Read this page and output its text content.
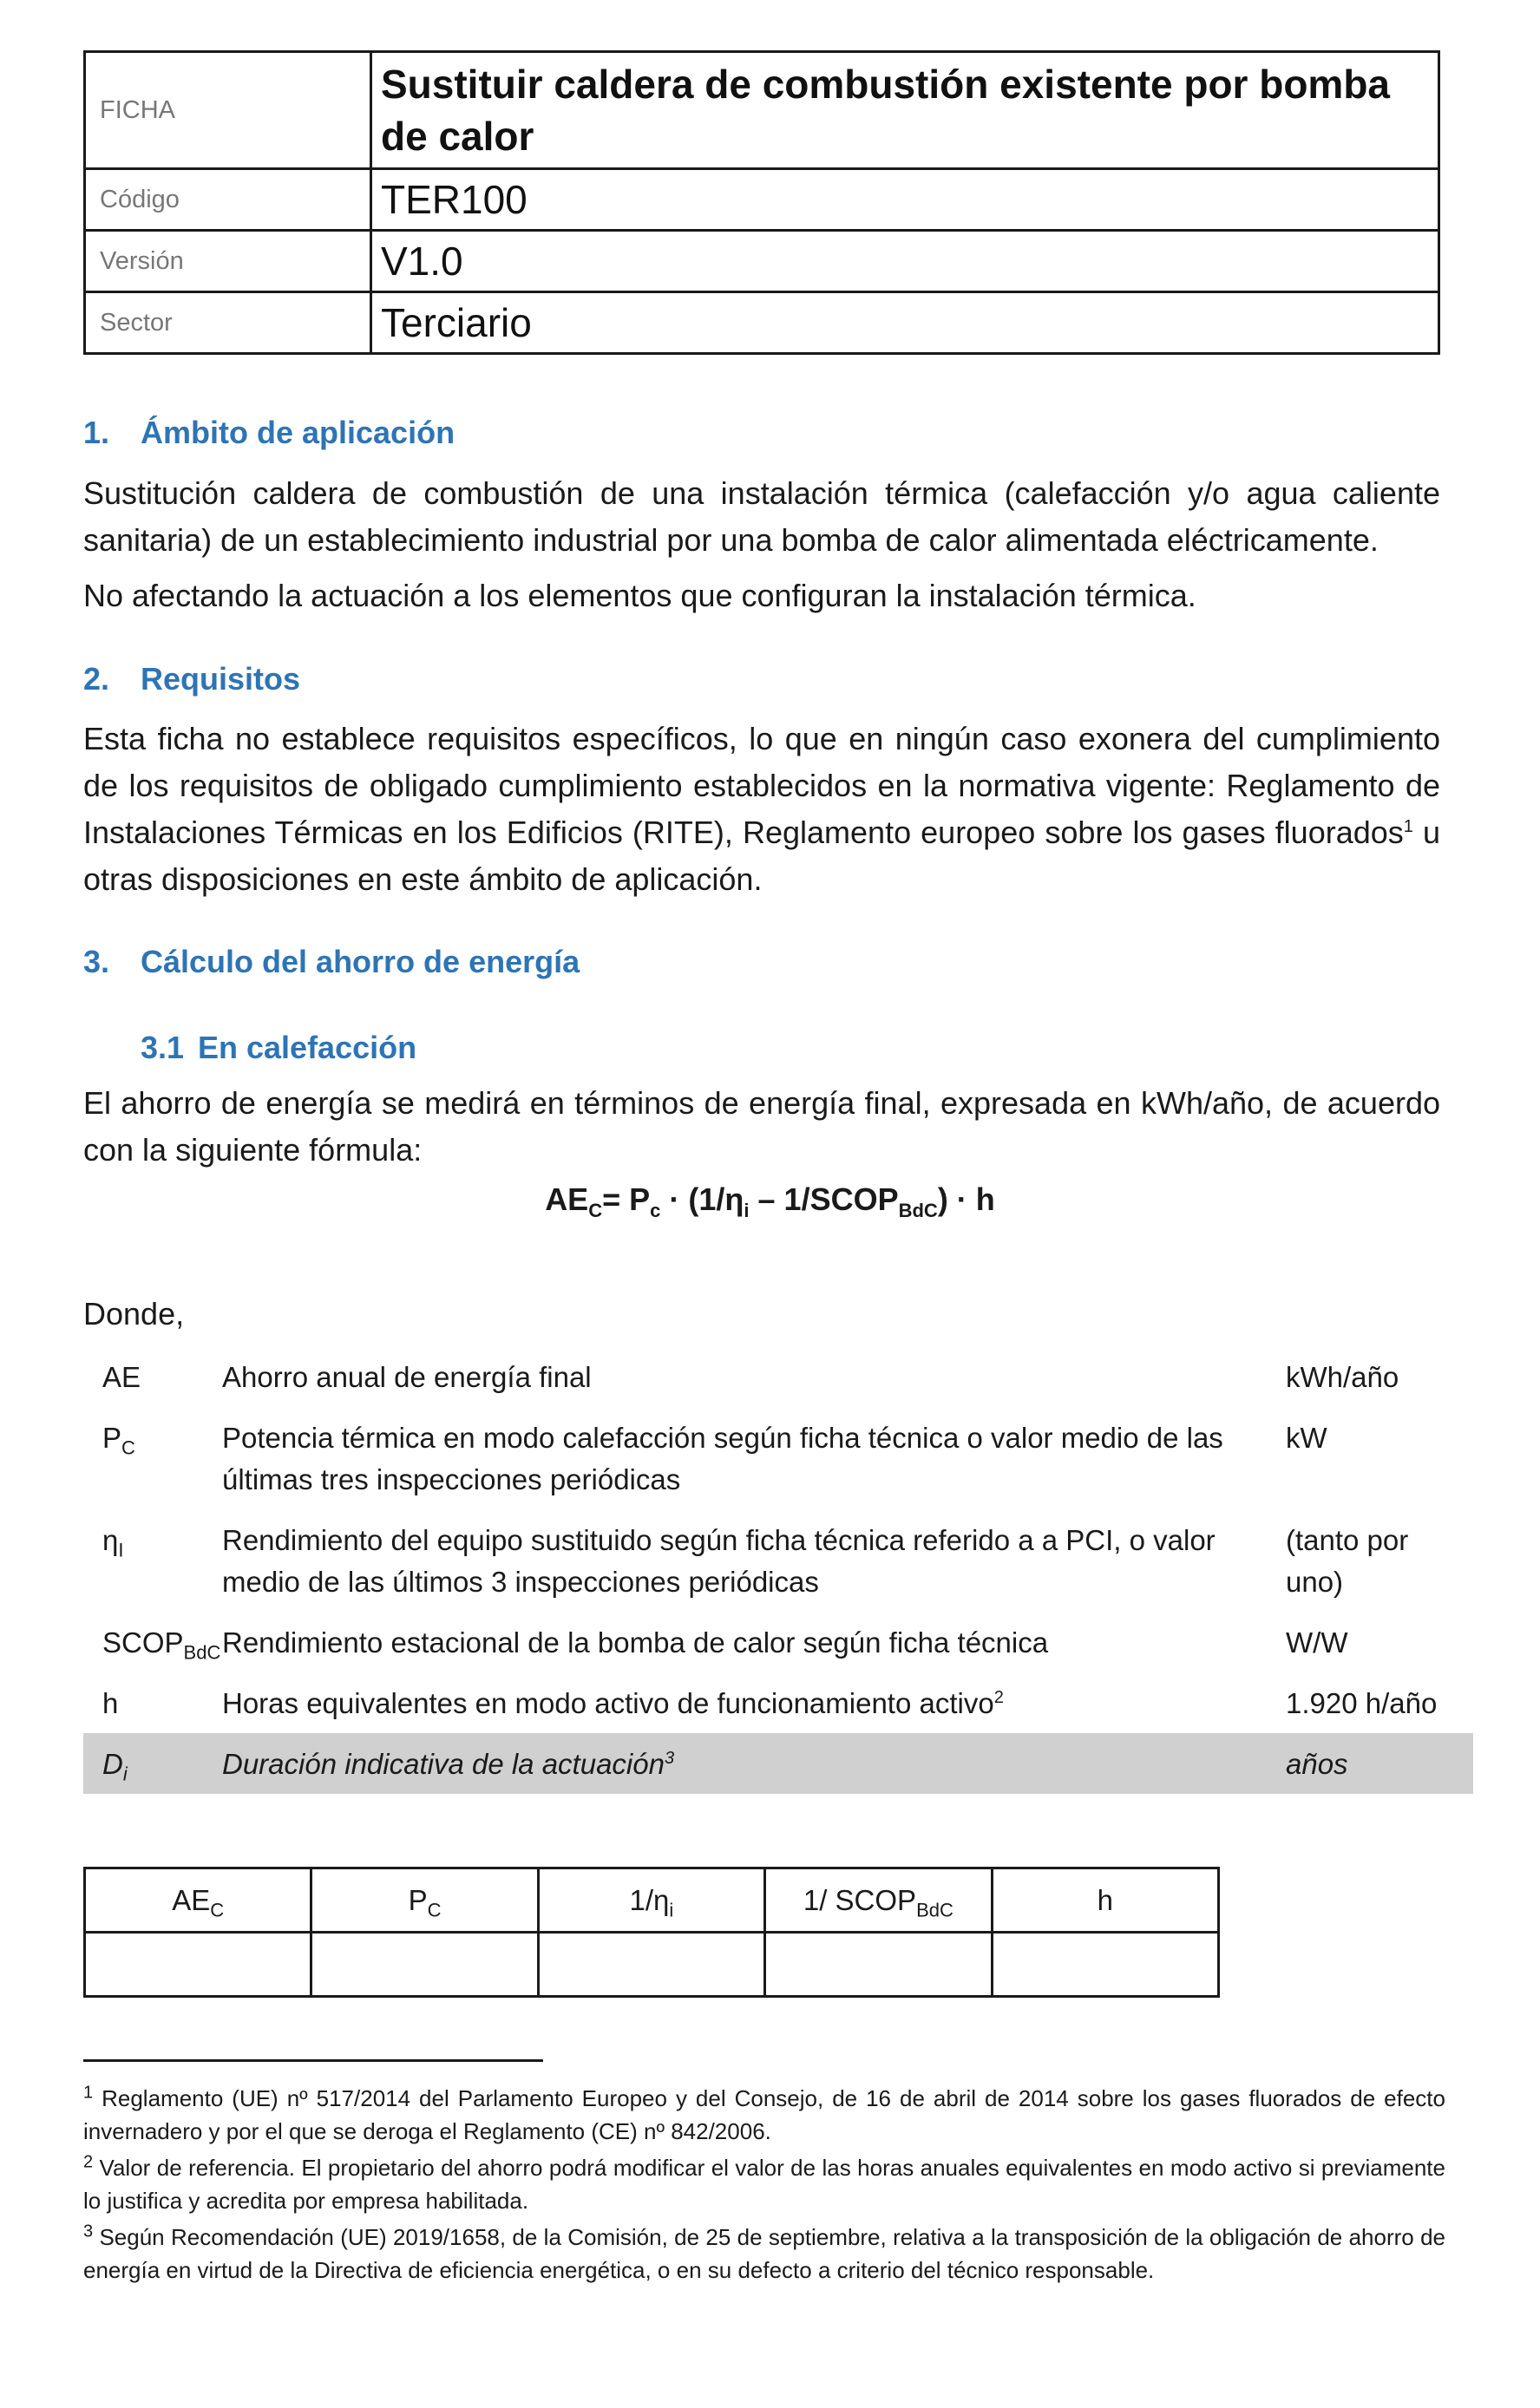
FICHA	Sustituir caldera de combustión existente por bomba de calor
Código	TER100
Versión	V1.0
Sector	Terciario
1. Ámbito de aplicación
Sustitución caldera de combustión de una instalación térmica (calefacción y/o agua caliente sanitaria) de un establecimiento industrial por una bomba de calor alimentada eléctricamente.
No afectando la actuación a los elementos que configuran la instalación térmica.
2. Requisitos
Esta ficha no establece requisitos específicos, lo que en ningún caso exonera del cumplimiento de los requisitos de obligado cumplimiento establecidos en la normativa vigente: Reglamento de Instalaciones Térmicas en los Edificios (RITE), Reglamento europeo sobre los gases fluorados$^1$ u otras disposiciones en este ámbito de aplicación.
3. Cálculo del ahorro de energía
3.1 En calefacción
El ahorro de energía se medirá en términos de energía final, expresada en kWh/año, de acuerdo con la siguiente fórmula:
$AE_C= P_c \cdot (1/\eta_i$ – $1/SCOP_{BdC}) \cdot h$
Donde,
AE	Ahorro anual de energía final	kWh/año
$P_C$	Potencia térmica en modo calefacción según ficha técnica o valor medio de las últimas tres inspecciones periódicas	kW
$\eta_I$	Rendimiento del equipo sustituido según ficha técnica referido a a PCI, o valor medio de las últimos 3 inspecciones periódicas	(tanto por uno)
$SCOP_{BdC}$	Rendimiento estacional de la bomba de calor según ficha técnica	W/W
h	Horas equivalentes en modo activo de funcionamiento activo$^2$	1.920 h/año
$D_i$	Duración indicativa de la actuación$^3$	años
$AE_C$	$P_C$	$1/\eta_i$	1/ $SCOP_{BdC}$	h

$^1$ Reglamento (UE) nº 517/2014 del Parlamento Europeo y del Consejo, de 16 de abril de 2014 sobre los gases fluorados de efecto invernadero y por el que se deroga el Reglamento (CE) nº 842/2006.
$^2$ Valor de referencia. El propietario del ahorro podrá modificar el valor de las horas anuales equivalentes en modo activo si previamente lo justifica y acredita por empresa habilitada.
$^3$ Según Recomendación (UE) 2019/1658, de la Comisión, de 25 de septiembre, relativa a la transposición de la obligación de ahorro de energía en virtud de la Directiva de eficiencia energética, o en su defecto a criterio del técnico responsable.
